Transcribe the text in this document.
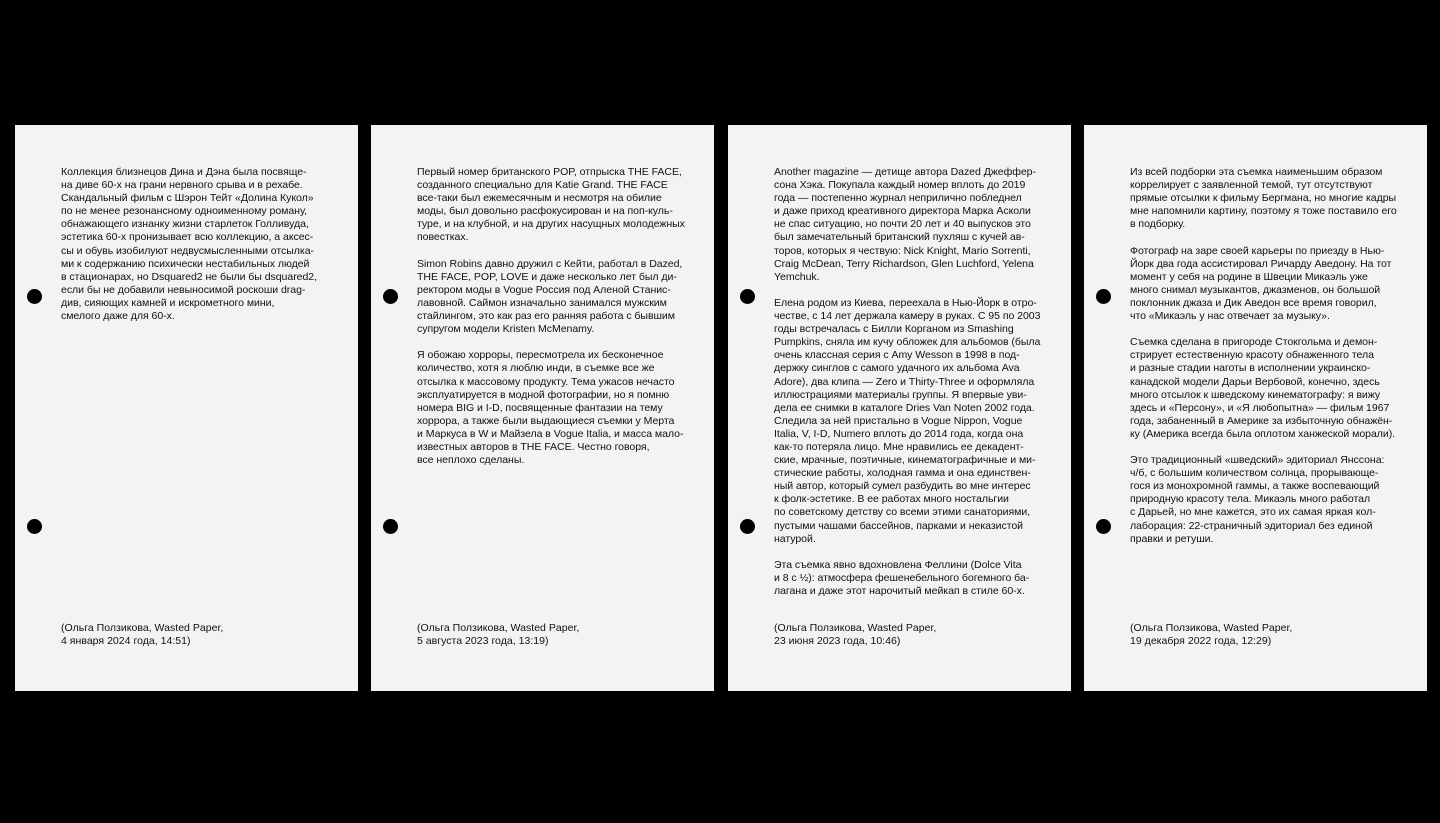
Коллекция близнецов Дина и Дэна была посвяще-
на диве 60-х на грани нервного срыва и в рехабе.
Скандальный фильм с Шэрон Тейт «Долина Кукол»
по не менее резонансному одноименному роману,
обнажающего изнанку жизни старлеток Голливуда,
эстетика 60-х пронизывает всю коллекцию, а аксес-
сы и обувь изобилуют недвусмысленными отсылка-
ми к содержанию психически нестабильных людей
в стационарах, но Dsquared2 не были бы dsquared2,
если бы не добавили невыносимой роскоши drag-
див, сияющих камней и искрометного мини,
смелого даже для 60-х.

(Ольга Ползикова, Wasted Paper,
4 января 2024 года, 14:51)

Первый номер британского POP, отпрыска THE FACE,
созданного специально для Katie Grand. THE FACE
все-таки был ежемесячным и несмотря на обилие
моды, был довольно расфокусирован и на поп-куль-
туре, и на клубной, и на других насущных молодежных
повестках.

Simon Robins давно дружил с Кейти, работал в Dazed,
THE FACE, POP, LOVE и даже несколько лет был ди-
ректором моды в Vogue Россия под Аленой Станис-
лавовной. Саймон изначально занимался мужским
стайлингом, это как раз его ранняя работа с бывшим
супругом модели Kristen McMenamy.

Я обожаю хорроры, пересмотрела их бесконечное
количество, хотя я люблю инди, в съемке все же
отсылка к массовому продукту. Тема ужасов нечасто
эксплуатируется в модной фотографии, но я помню
номера BIG и I-D, посвященные фантазии на тему
хоррора, а также были выдающиеся съемки у Мерта
и Маркуса в W и Майзела в Vogue Italia, и масса мало-
известных авторов в THE FACE. Честно говоря,
все неплохо сделаны.

(Ольга Ползикова, Wasted Paper,
5 августа 2023 года, 13:19)

Another magazine — детище автора Dazed Джеффер-
сона Хэка. Покупала каждый номер вплоть до 2019
года — постепенно журнал неприлично побледнел
и даже приход креативного директора Марка Асколи
не спас ситуацию, но почти 20 лет и 40 выпусков это
был замечательный британский пухляш с кучей ав-
торов, которых я чествую: Nick Knight, Mario Sorrenti,
Craig McDean, Terry Richardson, Glen Luchford, Yelena
Yemchuk.

Елена родом из Киева, переехала в Нью-Йорк в отро-
честве, с 14 лет держала камеру в руках. С 95 по 2003
годы встречалась с Билли Корганом из Smashing
Pumpkins, сняла им кучу обложек для альбомов (была
очень классная серия с Amy Wesson в 1998 в под-
держку синглов с самого удачного их альбома Ava
Adore), два клипа — Zero и Thirty-Three и оформляла
иллюстрациями материалы группы. Я впервые уви-
дела ее снимки в каталоге Dries Van Noten 2002 года.
Следила за ней пристально в Vogue Nippon, Vogue
Italia, V, I-D, Numero вплоть до 2014 года, когда она
как-то потеряла лицо. Мне нравились ее декадент-
ские, мрачные, поэтичные, кинематографичные и ми-
стические работы, холодная гамма и она единствен-
ный автор, который сумел разбудить во мне интерес
к фолк-эстетике. В ее работах много ностальгии
по советскому детству со всеми этими санаториями,
пустыми чашами бассейнов, парками и неказистой
натурой.

Эта съемка явно вдохновлена Феллини (Dolce Vita
и 8 с ½): атмосфера фешенебельного богемного ба-
лагана и даже этот нарочитый мейкап в стиле 60-х.

(Ольга Ползикова, Wasted Paper,
23 июня 2023 года, 10:46)

Из всей подборки эта съемка наименьшим образом
коррелирует с заявленной темой, тут отсутствуют
прямые отсылки к фильму Бергмана, но многие кадры
мне напомнили картину, поэтому я тоже поставило его
в подборку.

Фотограф на заре своей карьеры по приезду в Нью-
Йорк два года ассистировал Ричарду Аведону. На тот
момент у себя на родине в Швеции Микаэль уже
много снимал музыкантов, джазменов, он большой
поклонник джаза и Дик Аведон все время говорил,
что «Микаэль у нас отвечает за музыку».

Съемка сделана в пригороде Стокгольма и демон-
стрирует естественную красоту обнаженного тела
и разные стадии наготы в исполнении украинско-
канадской модели Дарьи Вербовой, конечно, здесь
много отсылок к шведскому кинематографу: я вижу
здесь и «Персону», и «Я любопытна» — фильм 1967
года, забаненный в Америке за избыточную обнажён-
ку (Америка всегда была оплотом ханжеской морали).

Это традиционный «шведский» эдиториал Янссона:
ч/б, с большим количеством солнца, прорывающе-
гося из монохромной гаммы, а также воспевающий
природную красоту тела. Микаэль много работал
с Дарьей, но мне кажется, это их самая яркая кол-
лаборация: 22-страничный эдиториал без единой
правки и ретуши.

(Ольга Ползикова, Wasted Paper,
19 декабря 2022 года, 12:29)
